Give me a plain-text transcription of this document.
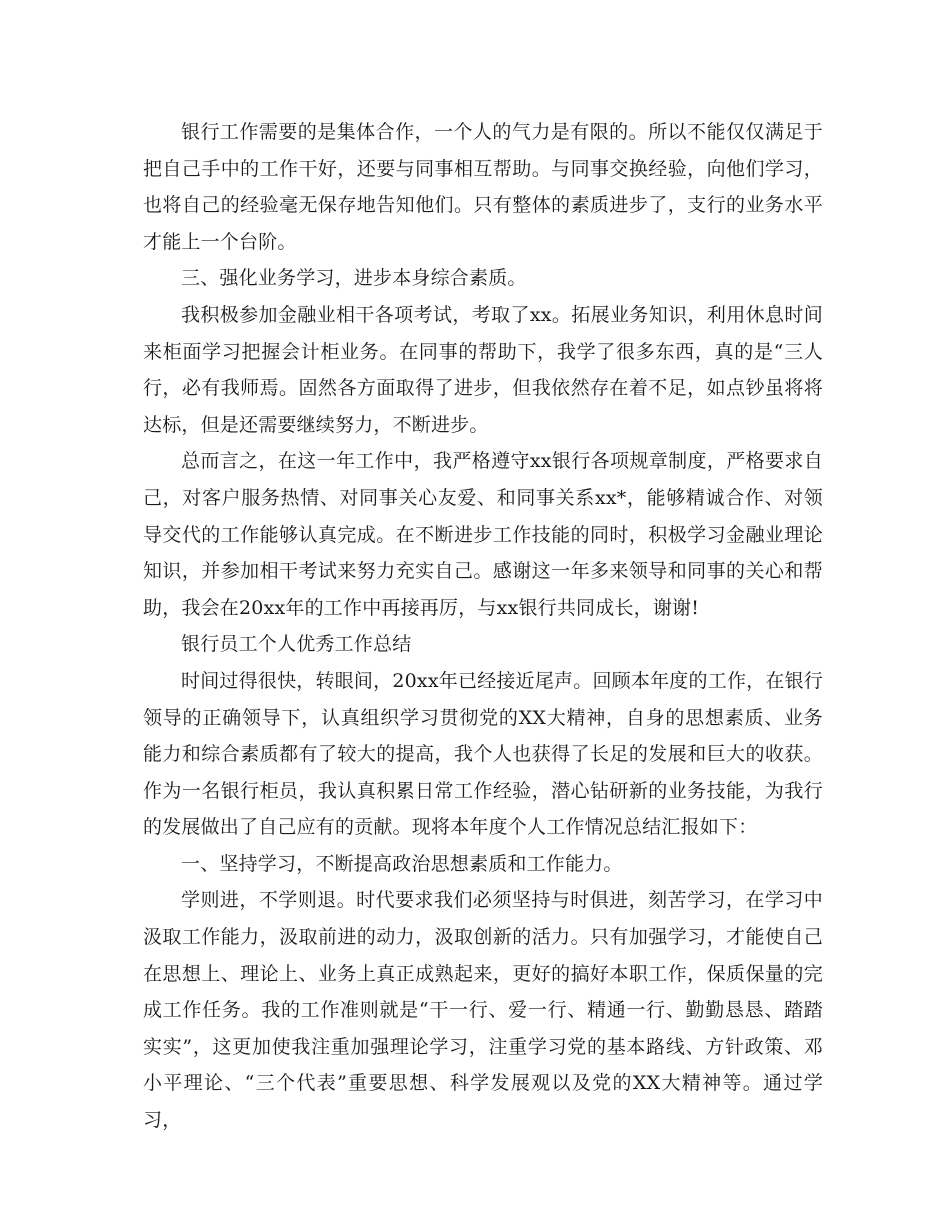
银行工作需要的是集体合作，一个人的气力是有限的。所以不能仅仅满足于把自己手中的工作干好，还要与同事相互帮助。与同事交换经验，向他们学习，也将自己的经验毫无保存地告知他们。只有整体的素质进步了，支行的业务水平才能上一个台阶。

三、强化业务学习，进步本身综合素质。

我积极参加金融业相干各项考试，考取了xx。拓展业务知识，利用休息时间来柜面学习把握会计柜业务。在同事的帮助下，我学了很多东西，真的是“三人行，必有我师焉。固然各方面取得了进步，但我依然存在着不足，如点钞虽将将达标，但是还需要继续努力，不断进步。

总而言之，在这一年工作中，我严格遵守xx银行各项规章制度，严格要求自己，对客户服务热情、对同事关心友爱、和同事关系xx*，能够精诚合作、对领导交代的工作能够认真完成。在不断进步工作技能的同时，积极学习金融业理论知识，并参加相干考试来努力充实自己。感谢这一年多来领导和同事的关心和帮助，我会在20xx年的工作中再接再厉，与xx银行共同成长，谢谢!

银行员工个人优秀工作总结

时间过得很快，转眼间，20xx年已经接近尾声。回顾本年度的工作，在银行领导的正确领导下，认真组织学习贯彻党的XX大精神，自身的思想素质、业务能力和综合素质都有了较大的提高，我个人也获得了长足的发展和巨大的收获。作为一名银行柜员，我认真积累日常工作经验，潜心钻研新的业务技能，为我行的发展做出了自己应有的贡献。现将本年度个人工作情况总结汇报如下：

一、坚持学习，不断提高政治思想素质和工作能力。

学则进，不学则退。时代要求我们必须坚持与时俱进，刻苦学习，在学习中汲取工作能力，汲取前进的动力，汲取创新的活力。只有加强学习，才能使自己在思想上、理论上、业务上真正成熟起来，更好的搞好本职工作，保质保量的完成工作任务。我的工作准则就是“干一行、爱一行、精通一行、勤勤恳恳、踏踏实实”，这更加使我注重加强理论学习，注重学习党的基本路线、方针政策、邓小平理论、“三个代表”重要思想、科学发展观以及党的XX大精神等。通过学习，
